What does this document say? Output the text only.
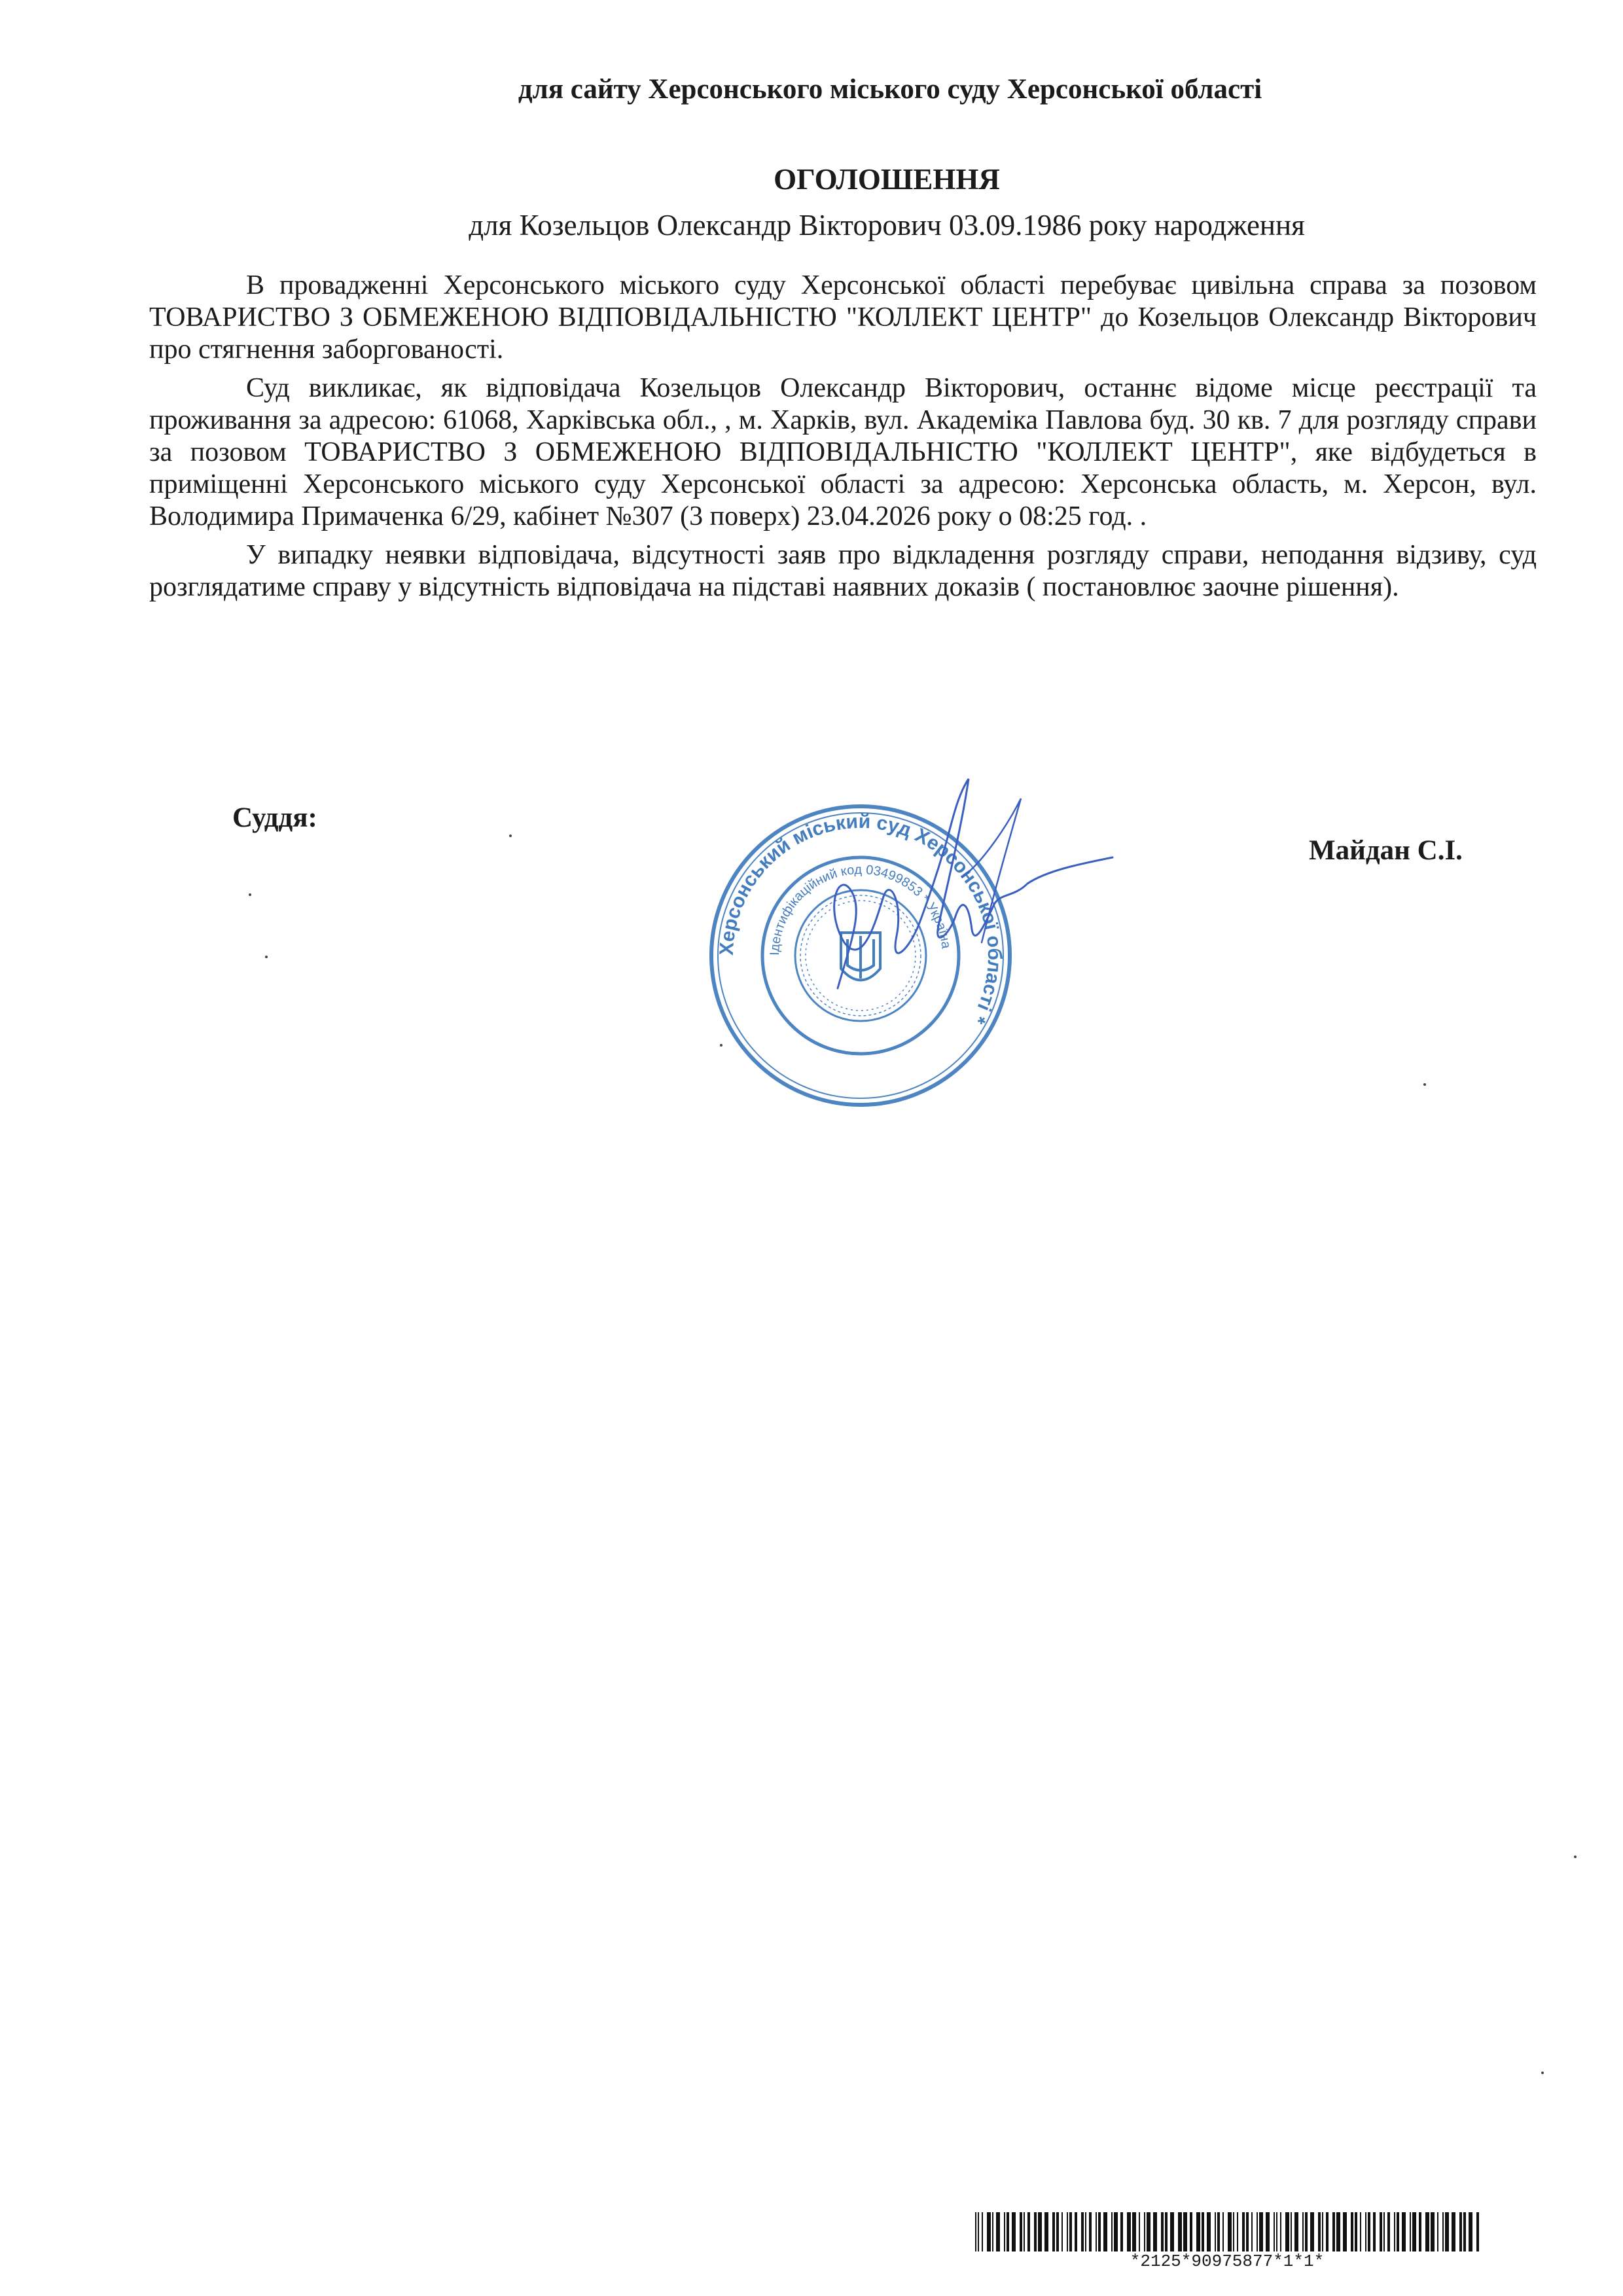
для сайту Херсонського міського суду Херсонської області
ОГОЛОШЕННЯ
для Козельцов Олександр Вікторович 03.09.1986 року народження

В провадженні Херсонського міського суду Херсонської області перебуває цивільна справа за позовом ТОВАРИСТВО З ОБМЕЖЕНОЮ ВІДПОВІДАЛЬНІСТЮ "КОЛЛЕКТ ЦЕНТР" до Козельцов Олександр Вікторович про стягнення заборгованості.

Суд викликає, як відповідача Козельцов Олександр Вікторович, останнє відоме місце реєстрації та проживання за адресою: 61068, Харківська обл., , м. Харків, вул. Академіка Павлова буд. 30 кв. 7 для розгляду справи за позовом ТОВАРИСТВО З ОБМЕЖЕНОЮ ВІДПОВІДАЛЬНІСТЮ "КОЛЛЕКТ ЦЕНТР", яке відбудеться в приміщенні Херсонського міського суду Херсонської області за адресою: Херсонська область, м. Херсон, вул. Володимира Примаченка 6/29, кабінет №307 (3 поверх) 23.04.2026 року о 08:25 год. .

У випадку неявки відповідача, відсутності заяв про відкладення розгляду справи, неподання відзиву, суд розглядатиме справу у відсутність відповідача на підставі наявних доказів ( постановлює заочне рішення).

Суддя:
Майдан С.І.
Херсонський міський суд Херсонської області *
Ідентифікаційний код 03499853 * Україна
*2125*90975877*1*1*
